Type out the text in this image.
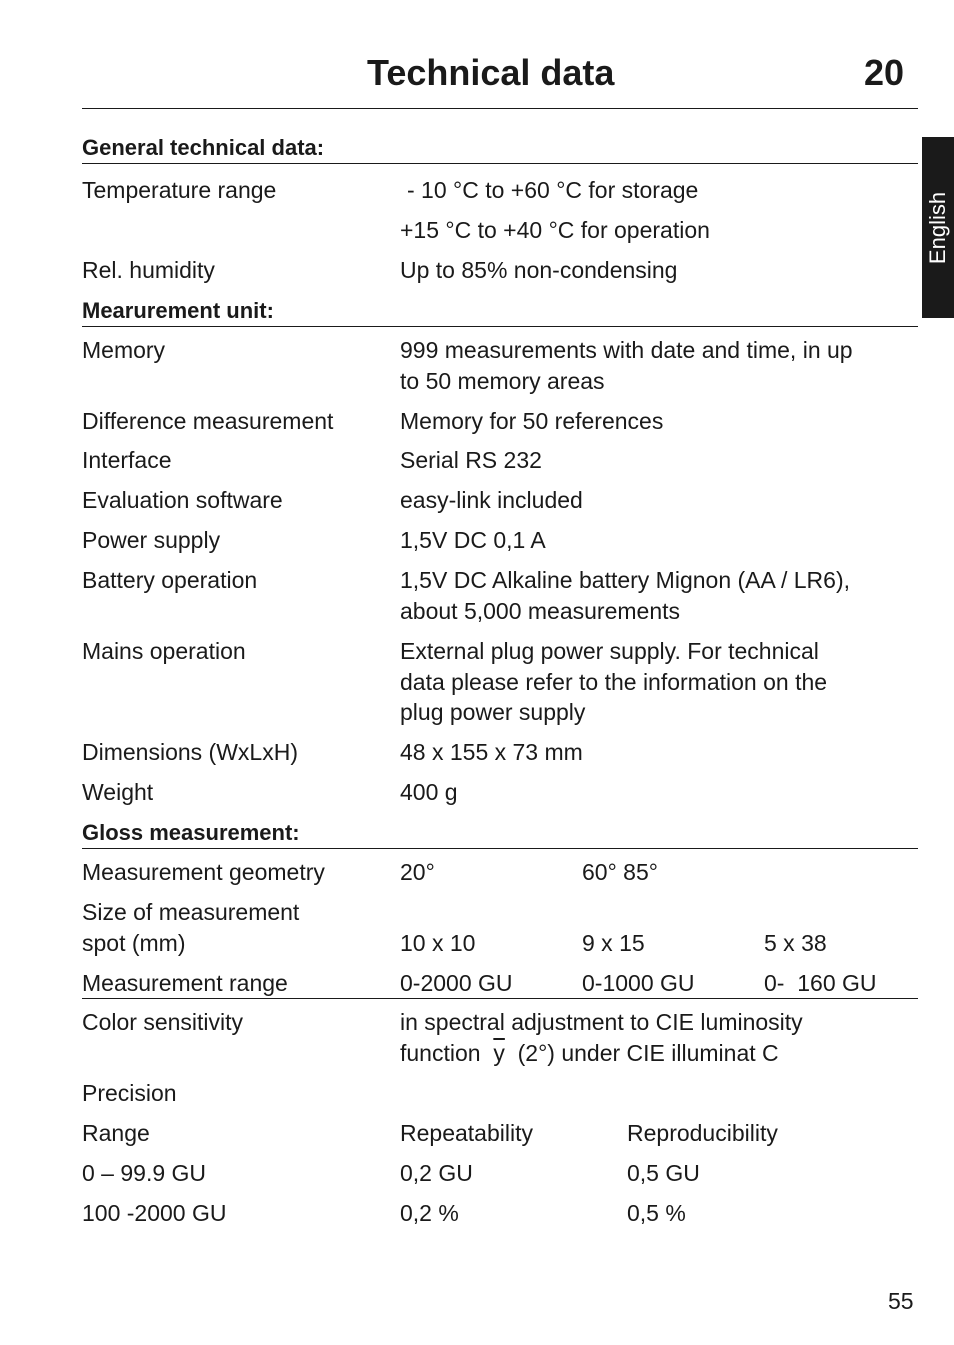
Technical data	20
English
General technical data:
Temperature range	- 10 °C to +60 °C for storage
+15 °C to +40 °C for operation
Rel. humidity	Up to 85% non-condensing
Mearurement unit:
Memory	999 measurements with date and time, in up
to 50 memory areas
Difference measurement	Memory for 50 references
Interface	Serial RS 232
Evaluation software	easy-link included
Power supply	1,5V DC 0,1 A
Battery operation	1,5V DC Alkaline battery Mignon (AA / LR6),
about 5,000 measurements
Mains operation	External plug power supply. For technical
data please refer to the information on the
plug power supply
Dimensions (WxLxH)	48 x 155 x 73 mm
Weight	400 g
Gloss measurement:
Measurement geometry	20°	60° 85°
Size of measurement
spot (mm)	10 x 10	9 x 15	5 x 38
Measurement range	0-2000 GU	0-1000 GU	0-  160 GU
Color sensitivity	in spectral adjustment to CIE luminosity
function  $\overline{y}$  (2°) under CIE illuminat C
Precision
Range	Repeatability	Reproducibility
0 – 99.9 GU	0,2 GU	0,5 GU
100 -2000 GU	0,2 %	0,5 %
55
